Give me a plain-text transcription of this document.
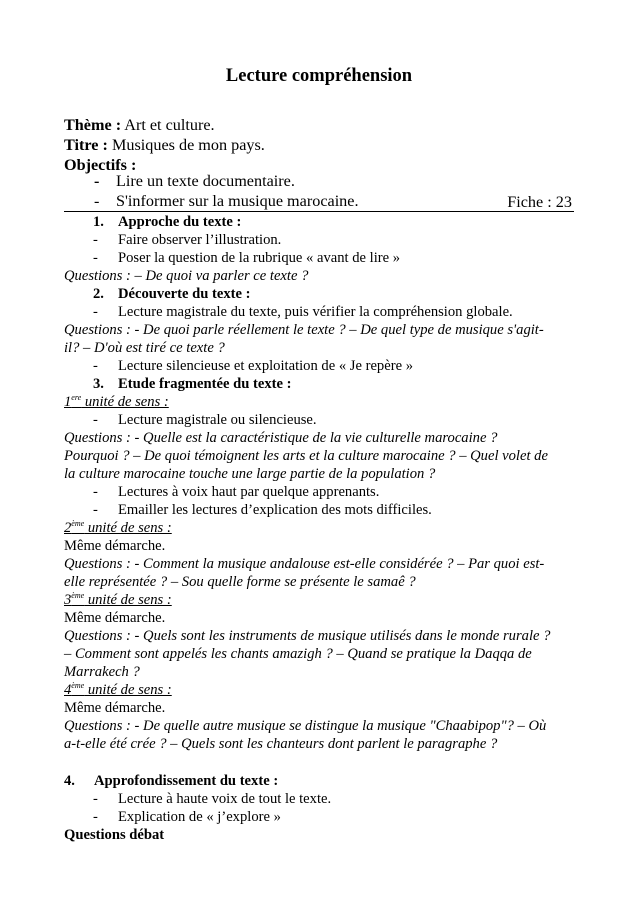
Lecture compréhension
Thème : Art et culture.
Titre : Musiques de mon pays.
Objectifs :
- Lire un texte documentaire.
- S'informer sur la musique marocaine.	Fiche : 23
1. Approche du texte :
- Faire observer l’illustration.
- Poser la question de la rubrique « avant de lire »
Questions : – De quoi va parler ce texte ?
2. Découverte du texte :
- Lecture magistrale du texte, puis vérifier la compréhension globale.
Questions : - De quoi parle réellement le texte ? – De quel type de musique s'agit-
il? – D'où est tiré ce texte ?
- Lecture silencieuse et exploitation de « Je repère »
3. Etude fragmentée du texte :
1ere unité de sens :
- Lecture magistrale ou silencieuse.
Questions : - Quelle est la caractéristique de la vie culturelle marocaine ?
Pourquoi ? – De quoi témoignent les arts et la culture marocaine ? – Quel volet de
la culture marocaine touche une large partie de la population ?
- Lectures à voix haut par quelque apprenants.
- Emailler les lectures d’explication des mots difficiles.
2ème unité de sens :
Même démarche.
Questions : - Comment la musique andalouse est-elle considérée ? – Par quoi est-
elle représentée ? – Sou quelle forme se présente le samaê ?
3ème unité de sens :
Même démarche.
Questions : - Quels sont les instruments de musique utilisés dans le monde rurale ?
– Comment sont appelés les chants amazigh ? – Quand se pratique la Daqqa de
Marrakech ?
4ème unité de sens :
Même démarche.
Questions : - De quelle autre musique se distingue la musique "Chaabipop"? – Où
a-t-elle été crée ? – Quels sont les chanteurs dont parlent le paragraphe ?
4. Approfondissement du texte :
- Lecture à haute voix de tout le texte.
- Explication de « j’explore »
Questions débat
